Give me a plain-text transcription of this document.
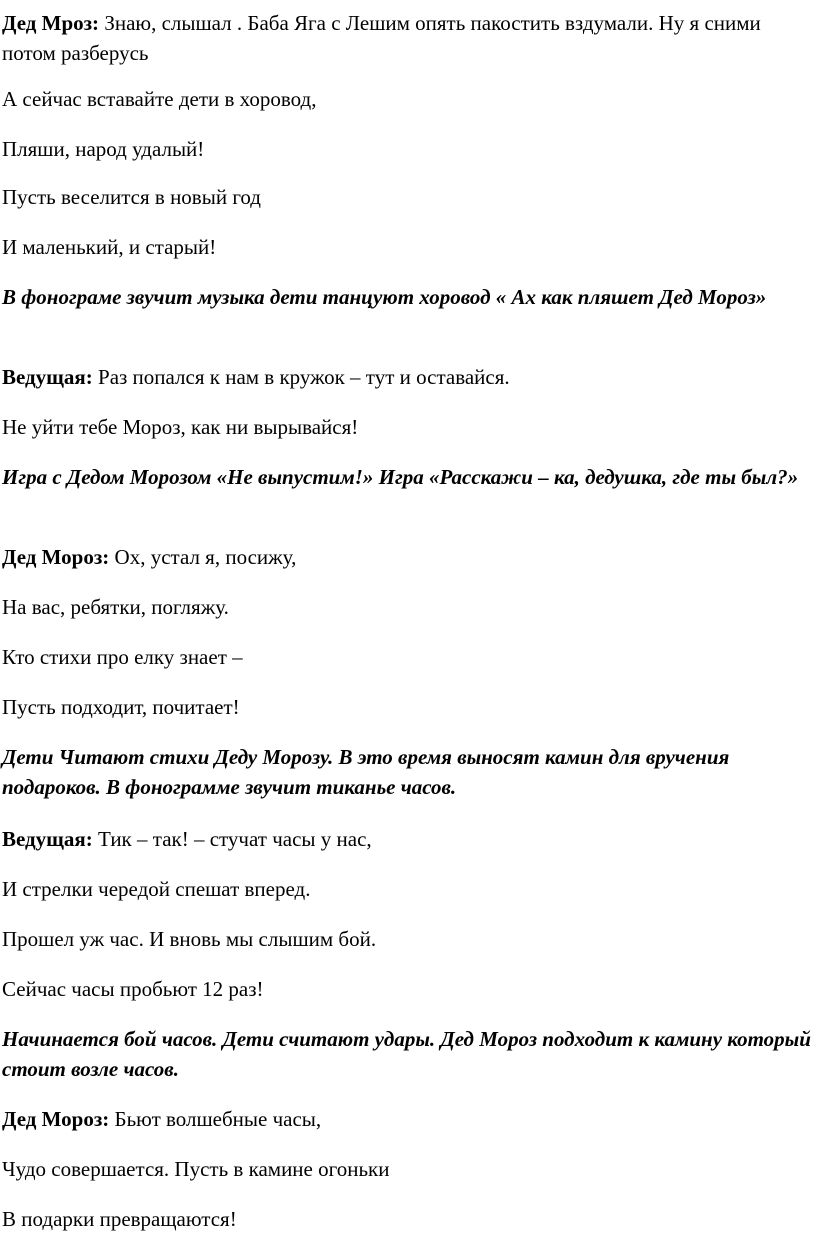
Дед Мроз: Знаю, слышал . Баба Яга с Лешим опять пакостить вздумали. Ну я сними потом разберусь

А сейчас вставайте дети в хоровод,

Пляши, народ удалый!

Пусть веселится в новый год

И маленький, и старый!

В фонограме звучит музыка дети танцуют хоровод « Ах как пляшет Дед Мороз»

Ведущая: Раз попался к нам в кружок – тут и оставайся.

Не уйти тебе Мороз, как ни вырывайся!

Игра с Дедом Морозом «Не выпустим!» Игра «Расскажи – ка, дедушка, где ты был?»

Дед Мороз: Ох, устал я, посижу,

На вас, ребятки, погляжу.

Кто стихи про елку знает –

Пусть подходит, почитает!

Дети Читают стихи Деду Морозу. В это время выносят камин для вручения подароков. В фонограмме звучит тиканье часов.

Ведущая: Тик – так! – стучат часы у нас,

И стрелки чередой спешат вперед.

Прошел уж час. И вновь мы слышим бой.

Сейчас часы пробьют 12 раз!

Начинается бой часов. Дети считают удары. Дед Мороз подходит к камину который стоит возле часов.

Дед Мороз: Бьют волшебные часы,

Чудо совершается. Пусть в камине огоньки

В подарки превращаются!
